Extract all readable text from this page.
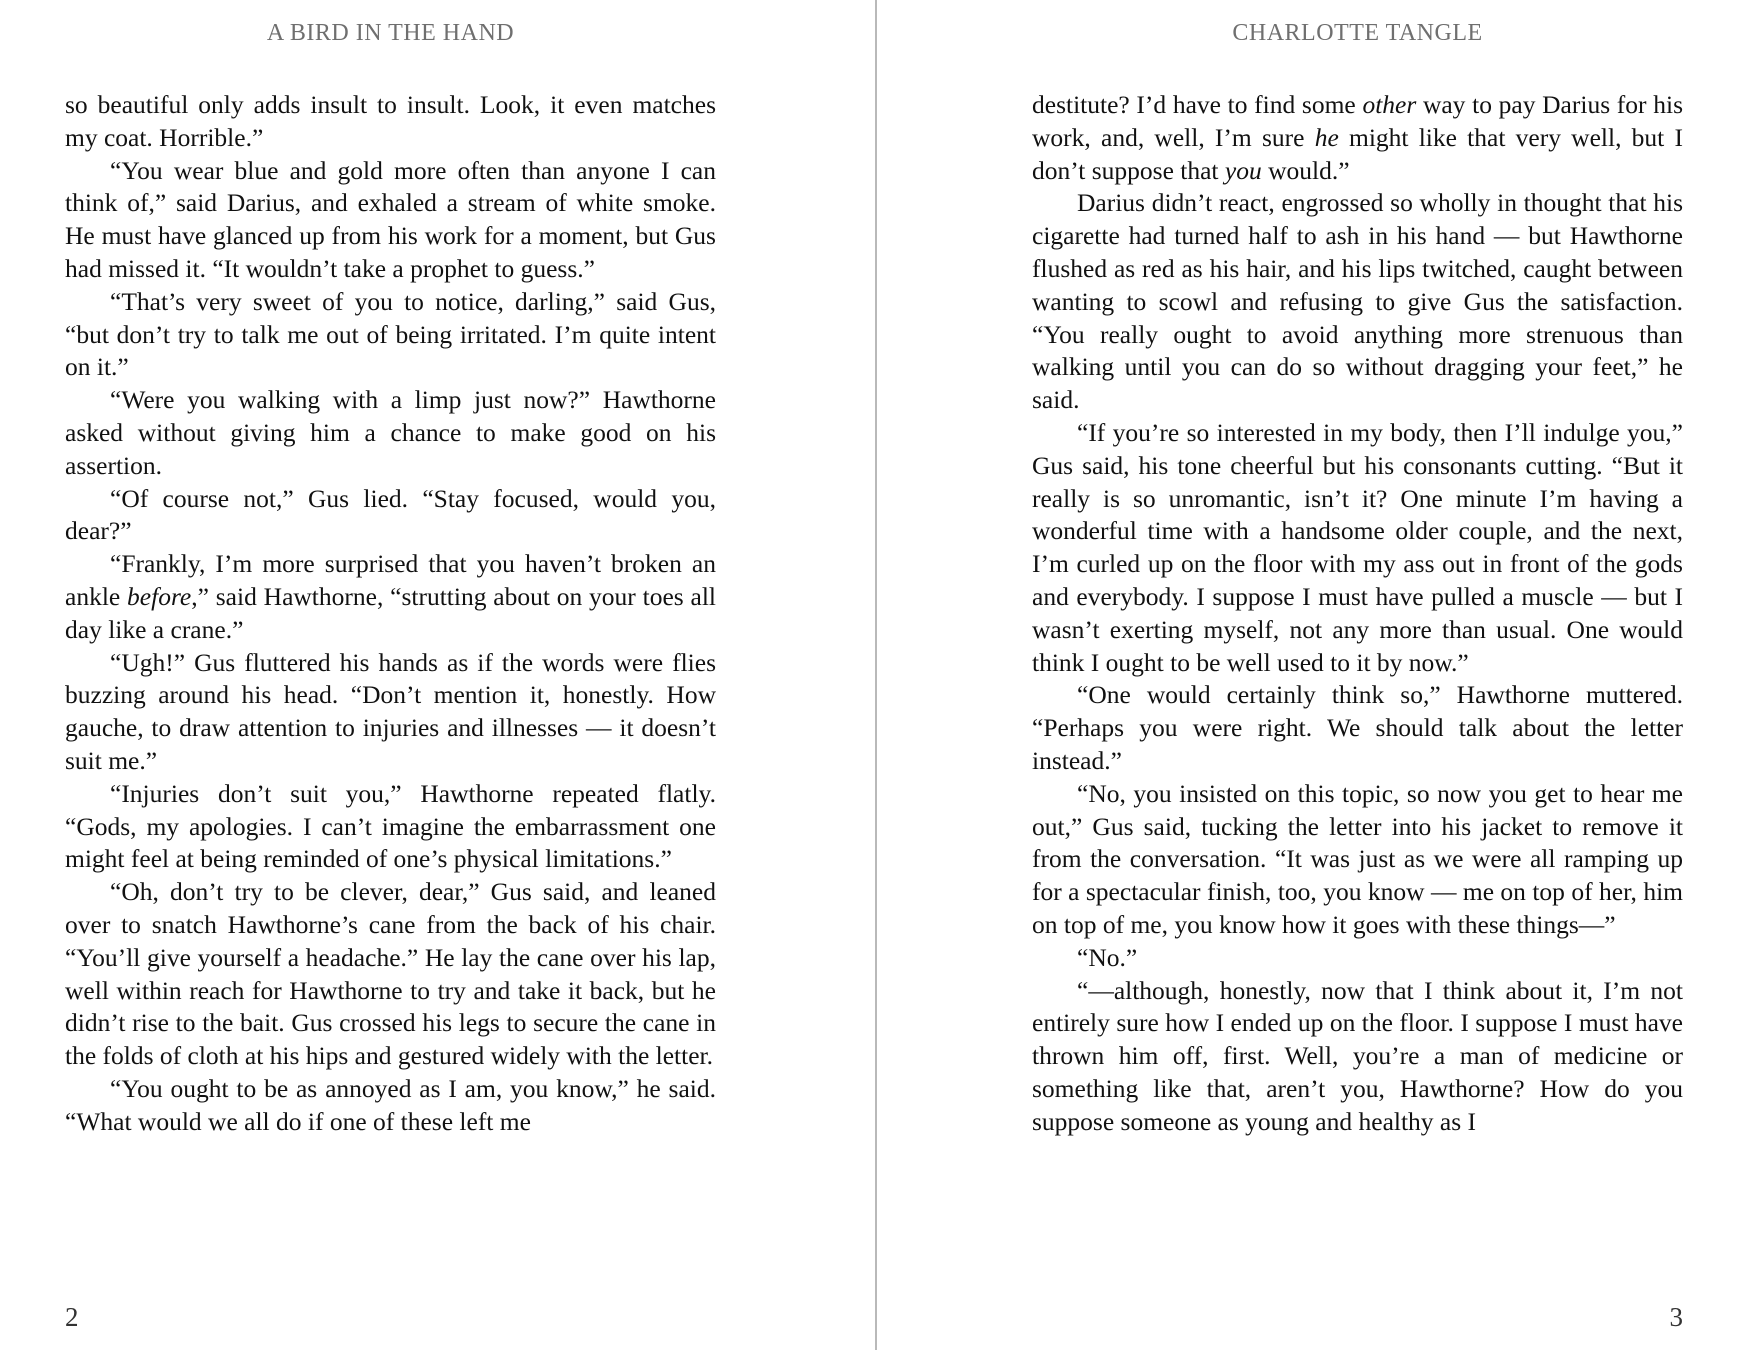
A BIRD IN THE HAND

so beautiful only adds insult to insult. Look, it even matches my coat. Horrible.”

“You wear blue and gold more often than anyone I can think of,” said Darius, and exhaled a stream of white smoke. He must have glanced up from his work for a moment, but Gus had missed it. “It wouldn’t take a prophet to guess.”

“That’s very sweet of you to notice, darling,” said Gus, “but don’t try to talk me out of being irritated. I’m quite intent on it.”

“Were you walking with a limp just now?” Hawthorne asked without giving him a chance to make good on his assertion.

“Of course not,” Gus lied. “Stay focused, would you, dear?”

“Frankly, I’m more surprised that you haven’t broken an ankle before,” said Hawthorne, “strutting about on your toes all day like a crane.”

“Ugh!” Gus fluttered his hands as if the words were flies buzzing around his head. “Don’t mention it, honestly. How gauche, to draw attention to injuries and illnesses — it doesn’t suit me.”

“Injuries don’t suit you,” Hawthorne repeated flatly. “Gods, my apologies. I can’t imagine the embarrassment one might feel at being reminded of one’s physical limitations.”

“Oh, don’t try to be clever, dear,” Gus said, and leaned over to snatch Hawthorne’s cane from the back of his chair. “You’ll give yourself a headache.” He lay the cane over his lap, well within reach for Hawthorne to try and take it back, but he didn’t rise to the bait. Gus crossed his legs to secure the cane in the folds of cloth at his hips and gestured widely with the letter.

“You ought to be as annoyed as I am, you know,” he said. “What would we all do if one of these left me

2
CHARLOTTE TANGLE

destitute? I’d have to find some other way to pay Darius for his work, and, well, I’m sure he might like that very well, but I don’t suppose that you would.”

Darius didn’t react, engrossed so wholly in thought that his cigarette had turned half to ash in his hand — but Hawthorne flushed as red as his hair, and his lips twitched, caught between wanting to scowl and refusing to give Gus the satisfaction. “You really ought to avoid anything more strenuous than walking until you can do so without dragging your feet,” he said.

“If you’re so interested in my body, then I’ll indulge you,” Gus said, his tone cheerful but his consonants cutting. “But it really is so unromantic, isn’t it? One minute I’m having a wonderful time with a handsome older couple, and the next, I’m curled up on the floor with my ass out in front of the gods and everybody. I suppose I must have pulled a muscle — but I wasn’t exerting myself, not any more than usual. One would think I ought to be well used to it by now.”

“One would certainly think so,” Hawthorne muttered. “Perhaps you were right. We should talk about the letter instead.”

“No, you insisted on this topic, so now you get to hear me out,” Gus said, tucking the letter into his jacket to remove it from the conversation. “It was just as we were all ramping up for a spectacular finish, too, you know — me on top of her, him on top of me, you know how it goes with these things—”

“No.”

“—although, honestly, now that I think about it, I’m not entirely sure how I ended up on the floor. I suppose I must have thrown him off, first. Well, you’re a man of medicine or something like that, aren’t you, Hawthorne? How do you suppose someone as young and healthy as I

3
